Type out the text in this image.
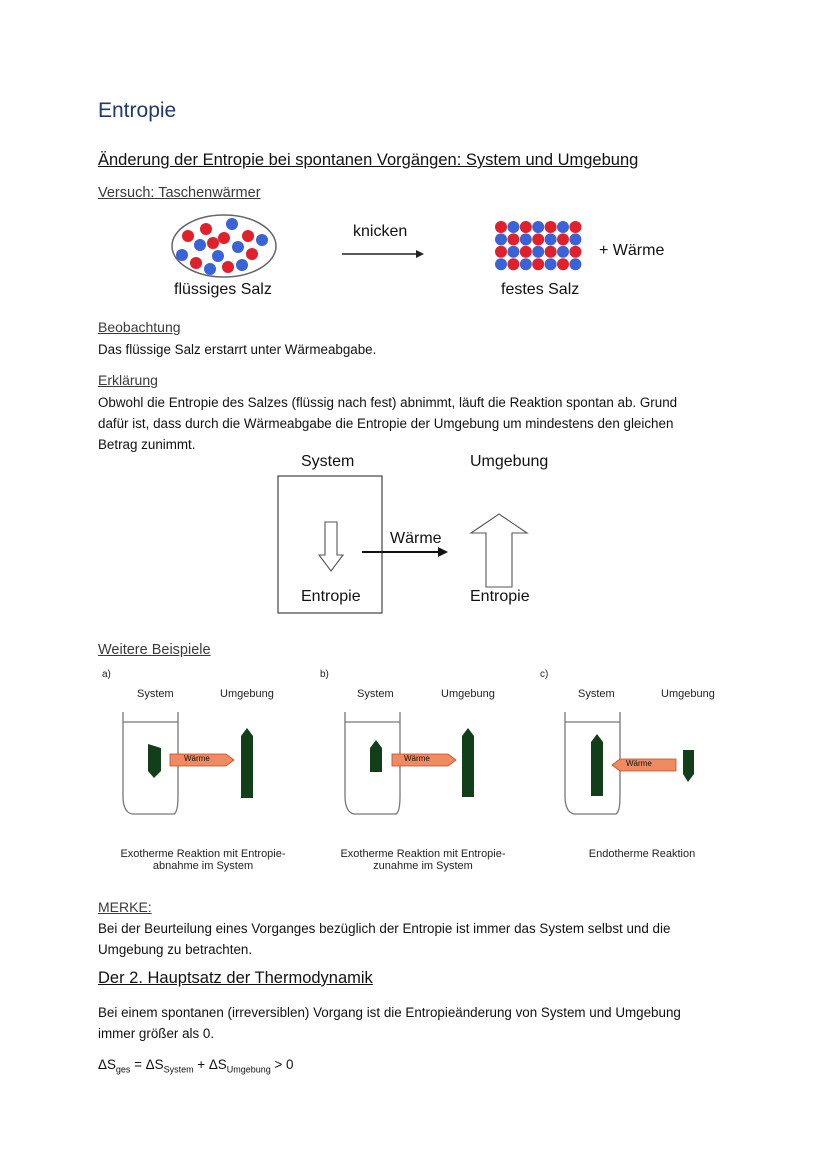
Entropie
Änderung der Entropie bei spontanen Vorgängen: System und Umgebung
Versuch: Taschenwärmer
knicken
flüssiges Salz	festes Salz
+ Wärme
Beobachtung
Das flüssige Salz erstarrt unter Wärmeabgabe.
Erklärung
Obwohl die Entropie des Salzes (flüssig nach fest) abnimmt, läuft die Reaktion spontan ab. Grund dafür ist, dass durch die Wärmeabgabe die Entropie der Umgebung um mindestens den gleichen Betrag zunimmt.
System	Umgebung
Wärme
Entropie	Entropie
Weitere Beispiele
a)
System	Umgebung
Wärme
Exotherme Reaktion mit Entropie-
abnahme im System
b)
System	Umgebung
Wärme
Exotherme Reaktion mit Entropie-
zunahme im System
c)
System	Umgebung
Wärme
Endotherme Reaktion
MERKE:
Bei der Beurteilung eines Vorganges bezüglich der Entropie ist immer das System selbst und die Umgebung zu betrachten.
Der 2. Hauptsatz der Thermodynamik
Bei einem spontanen (irreversiblen) Vorgang ist die Entropieänderung von System und Umgebung immer größer als 0.
$\Delta S_{ges} = \Delta S_{System} + \Delta S_{Umgebung} > 0$
